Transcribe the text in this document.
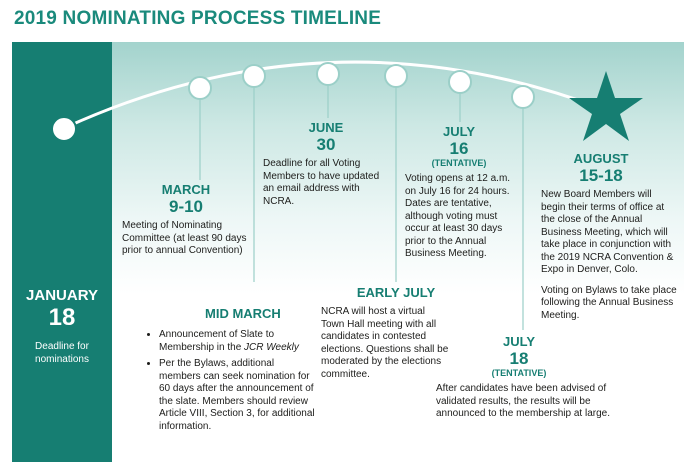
2019 NOMINATING PROCESS TIMELINE
JANUARY
18
Deadline for nominations
MARCH
9-10
Meeting of Nominating Committee (at least 90 days prior to annual Convention)
MID MARCH
• Announcement of Slate to Membership in the JCR Weekly
• Per the Bylaws, additional members can seek nomination for 60 days after the announcement of the slate. Members should review Article VIII, Section 3, for additional information.
JUNE
30
Deadline for all Voting Members to have updated an email address with NCRA.
EARLY JULY
NCRA will host a virtual Town Hall meeting with all candidates in contested elections. Questions shall be moderated by the elections committee.
JULY
16
(TENTATIVE)
Voting opens at 12 a.m. on July 16 for 24 hours. Dates are tentative, although voting must occur at least 30 days prior to the Annual Business Meeting.
JULY
18
(TENTATIVE)
After candidates have been advised of validated results, the results will be announced to the membership at large.
AUGUST
15-18
New Board Members will begin their terms of office at the close of the Annual Business Meeting, which will take place in conjunction with the 2019 NCRA Convention & Expo in Denver, Colo.
Voting on Bylaws to take place following the Annual Business Meeting.
